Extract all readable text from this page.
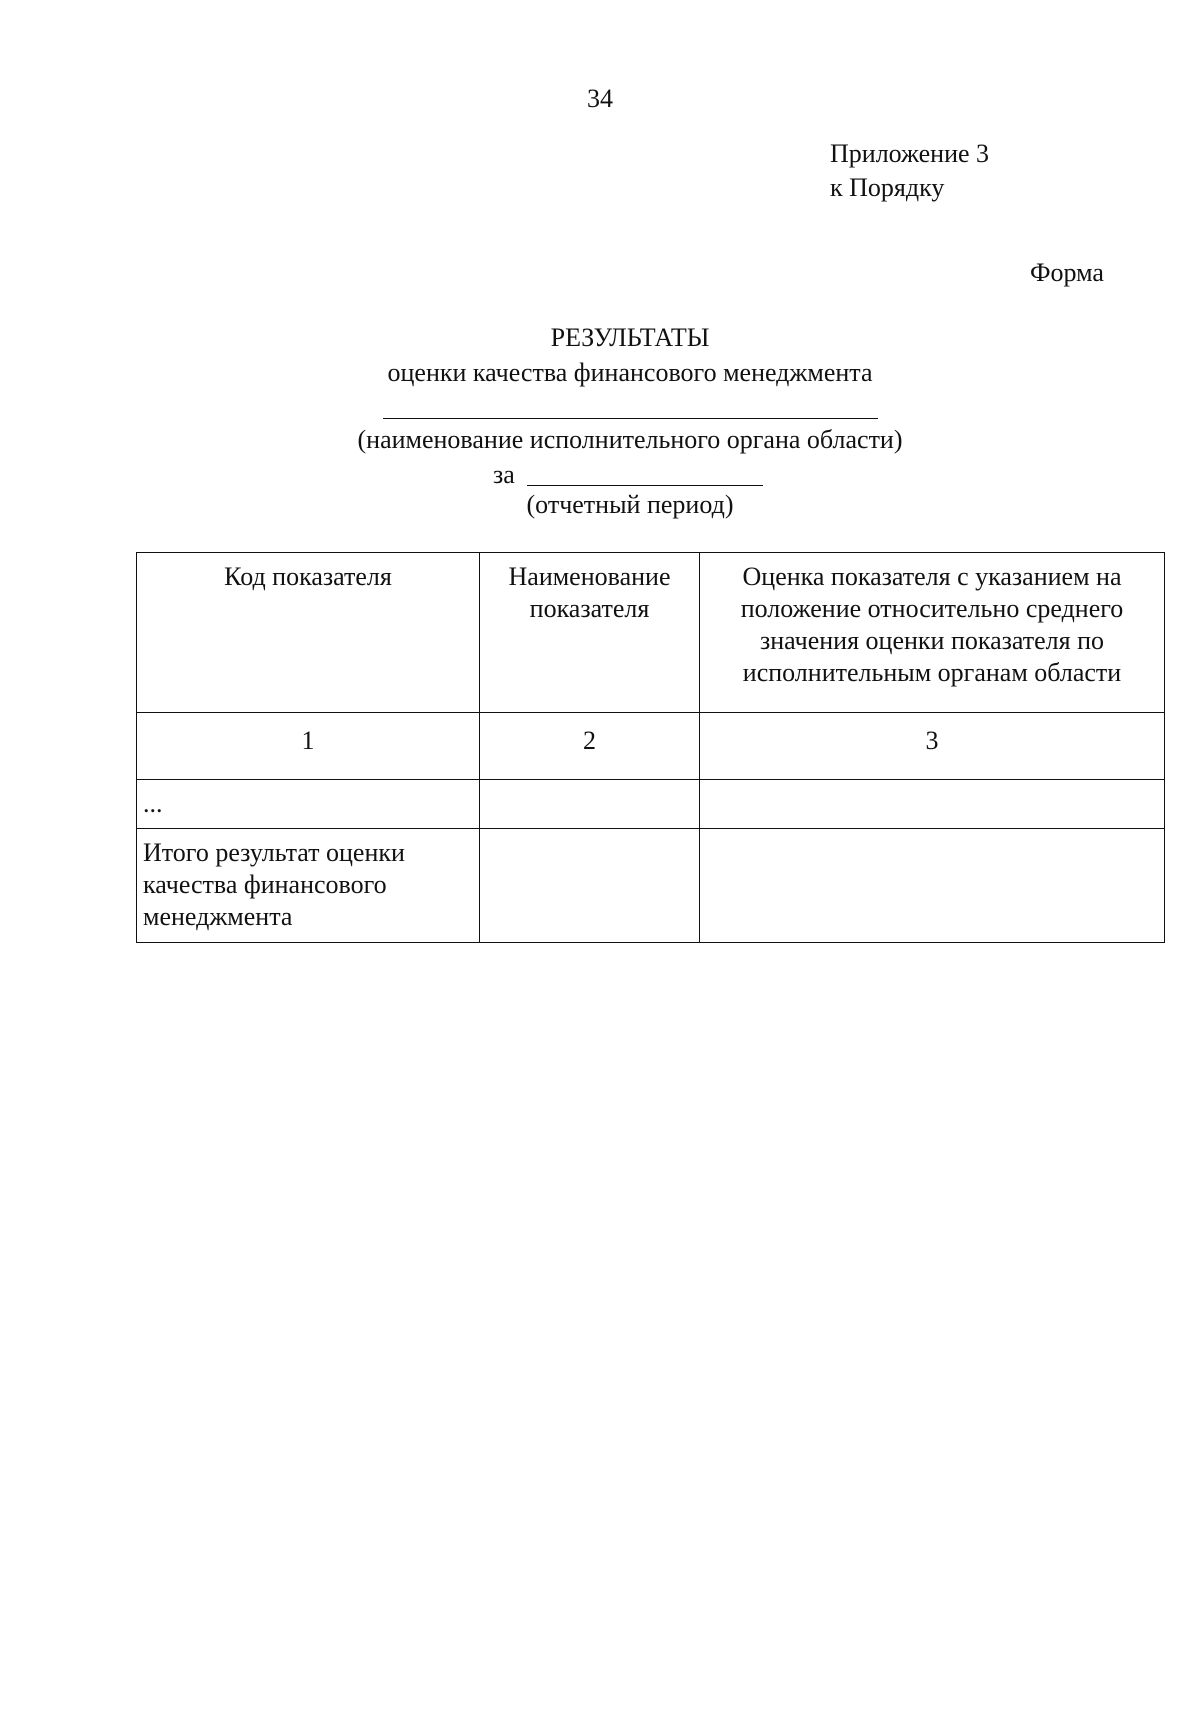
34
Приложение 3
к Порядку
Форма
РЕЗУЛЬТАТЫ
оценки качества финансового менеджмента
(наименование исполнительного органа области)
за
(отчетный период)
Код показателя	Наименование показателя	Оценка показателя с указанием на положение относительно среднего значения оценки показателя по исполнительным органам области
1	2	3
...		
Итого результат оценки качества финансового менеджмента		
